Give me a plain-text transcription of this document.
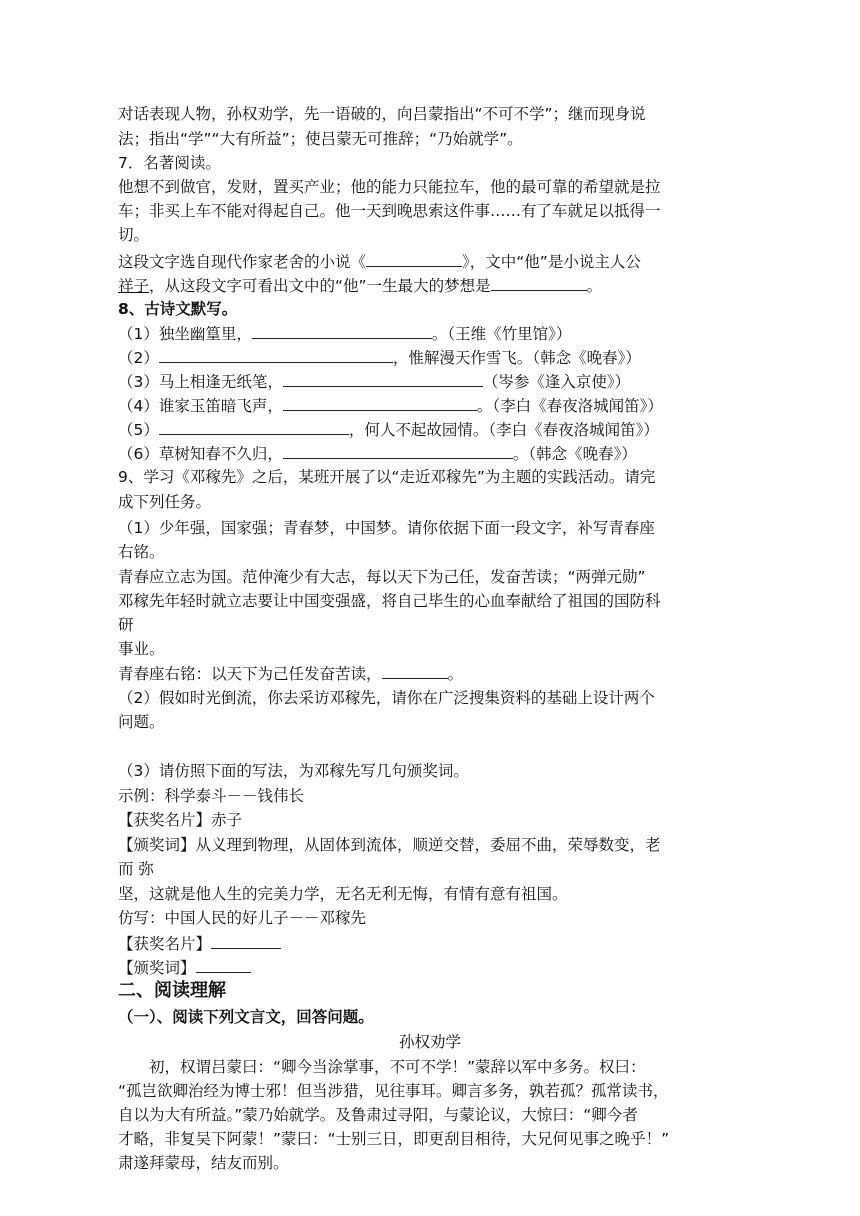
对话表现人物，孙权劝学，先一语破的，向吕蒙指出“不可不学”；继而现身说
法；指出“学”“大有所益”；使吕蒙无可推辞；“乃始就学”。
7．名著阅读。
他想不到做官，发财，置买产业；他的能力只能拉车，他的最可靠的希望就是拉
车；非买上车不能对得起自己。他一天到晚思索这件事……有了车就足以抵得一
切。
这段文字选自现代作家老舍的小说《	》，文中“他”是小说主人公
祥子，从这段文字可看出文中的“他”一生最大的梦想是	。
8、古诗文默写。
（1）独坐幽篁里，	。（王维《竹里馆》）
（2）	，惟解漫天作雪飞。（韩念《晚春》）
（3）马上相逢无纸笔，	（岑参《逢入京使》）
（4）谁家玉笛暗飞声，	。（李白《春夜洛城闻笛》）
（5）	，何人不起故园情。（李白《春夜洛城闻笛》）
（6）草树知春不久归，	。（韩念《晚春》）
9、学习《邓稼先》之后，某班开展了以“走近邓稼先”为主题的实践活动。请完
成下列任务。
（1）少年强，国家强；青春梦，中国梦。请你依据下面一段文字，补写青春座
右铭。
青春应立志为国。范仲淹少有大志，每以天下为己任，发奋苦读；“两弹元勋”
邓稼先年轻时就立志要让中国变强盛，将自己毕生的心血奉献给了祖国的国防科
研
事业。
青春座右铭：以天下为己任发奋苦读，	。
（2）假如时光倒流，你去采访邓稼先，请你在广泛搜集资料的基础上设计两个
问题。
（3）请仿照下面的写法，为邓稼先写几句颁奖词。
示例：科学泰斗－－钱伟长
【获奖名片】赤子
【颁奖词】从义理到物理，从固体到流体，顺逆交替，委屈不曲，荣辱数变，老
而 弥
坚，这就是他人生的完美力学，无名无利无悔，有情有意有祖国。
仿写：中国人民的好儿子－－邓稼先
【获奖名片】
【颁奖词】
二、阅读理解
（一）、阅读下列文言文，回答问题。
孙权劝学
　　初，权谓吕蒙曰：“卿今当涂掌事，不可不学！”蒙辞以军中多务。权曰：
“孤岂欲卿治经为博士邪！但当涉猎，见往事耳。卿言多务，孰若孤？孤常读书，
自以为大有所益。”蒙乃始就学。及鲁肃过寻阳，与蒙论议，大惊曰：“卿今者
才略，非复吴下阿蒙！”蒙曰：“士别三日，即更刮目相待，大兄何见事之晚乎！”
肃遂拜蒙母，结友而别。
